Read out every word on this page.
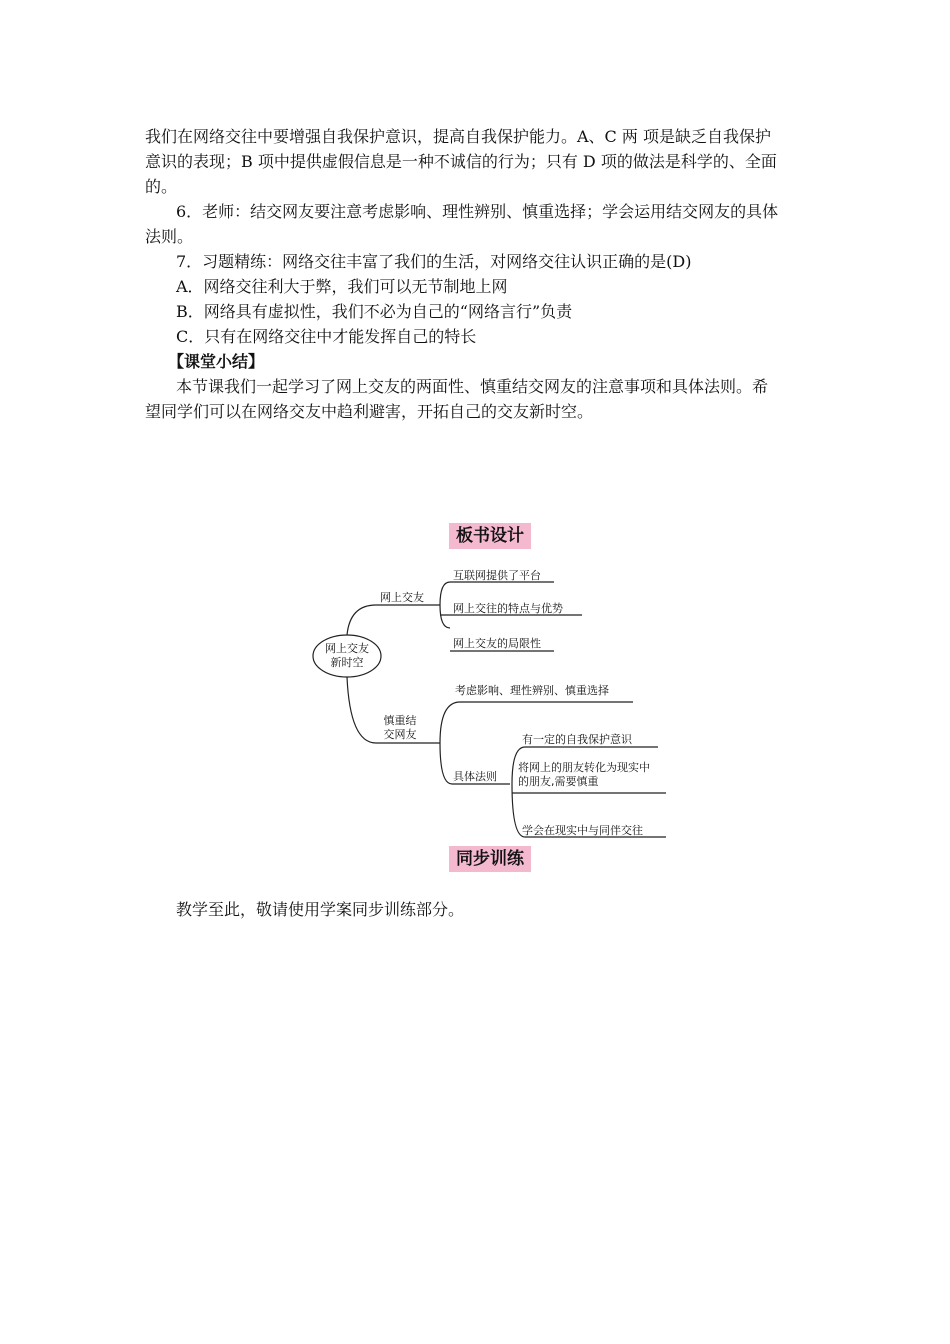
我们在网络交往中要增强自我保护意识，提高自我保护能力。A、C 两 项是缺乏自我保护
意识的表现；B 项中提供虚假信息是一种不诚信的行为；只有 D 项的做法是科学的、全面
的。
6．老师：结交网友要注意考虑影响、理性辨别、慎重选择；学会运用结交网友的具体
法则。
7．习题精练：网络交往丰富了我们的生活，对网络交往认识正确的是(D)
A．网络交往利大于弊，我们可以无节制地上网
B．网络具有虚拟性，我们不必为自己的“网络言行”负责
C．只有在网络交往中才能发挥自己的特长
【课堂小结】
本节课我们一起学习了网上交友的两面性、慎重结交网友的注意事项和具体法则。希
望同学们可以在网络交友中趋利避害，开拓自己的交友新时空。
板书设计
网上交友
新时空
网上交友
互联网提供了平台
网上交往的特点与优势
网上交友的局限性
慎重结
交网友
考虑影响、理性辨别、慎重选择
具体法则
有一定的自我保护意识
将网上的朋友转化为现实中
的朋友,需要慎重
学会在现实中与同伴交往
同步训练
教学至此，敬请使用学案同步训练部分。
